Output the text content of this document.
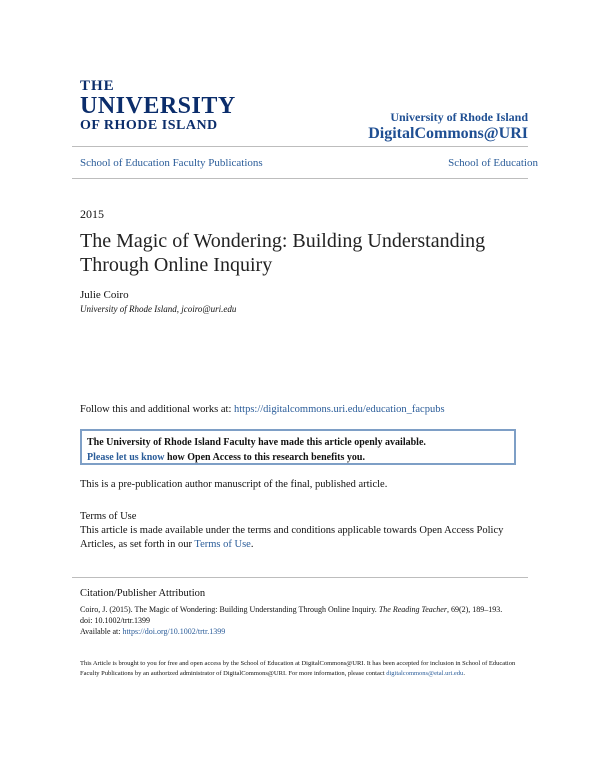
THE
UNIVERSITY
OF RHODE ISLAND
University of Rhode Island
DigitalCommons@URI
School of Education Faculty Publications	School of Education
2015
The Magic of Wondering: Building Understanding Through Online Inquiry
Julie Coiro
University of Rhode Island, jcoiro@uri.edu
Follow this and additional works at: https://digitalcommons.uri.edu/education_facpubs
The University of Rhode Island Faculty have made this article openly available.
Please let us know how Open Access to this research benefits you.
This is a pre-publication author manuscript of the final, published article.
Terms of Use
This article is made available under the terms and conditions applicable towards Open Access Policy Articles, as set forth in our Terms of Use.
Citation/Publisher Attribution
Coiro, J. (2015). The Magic of Wondering: Building Understanding Through Online Inquiry. The Reading Teacher, 69(2), 189–193.
doi: 10.1002/trtr.1399
Available at: https://doi.org/10.1002/trtr.1399
This Article is brought to you for free and open access by the School of Education at DigitalCommons@URI. It has been accepted for inclusion in School of Education Faculty Publications by an authorized administrator of DigitalCommons@URI. For more information, please contact digitalcommons@etal.uri.edu.
